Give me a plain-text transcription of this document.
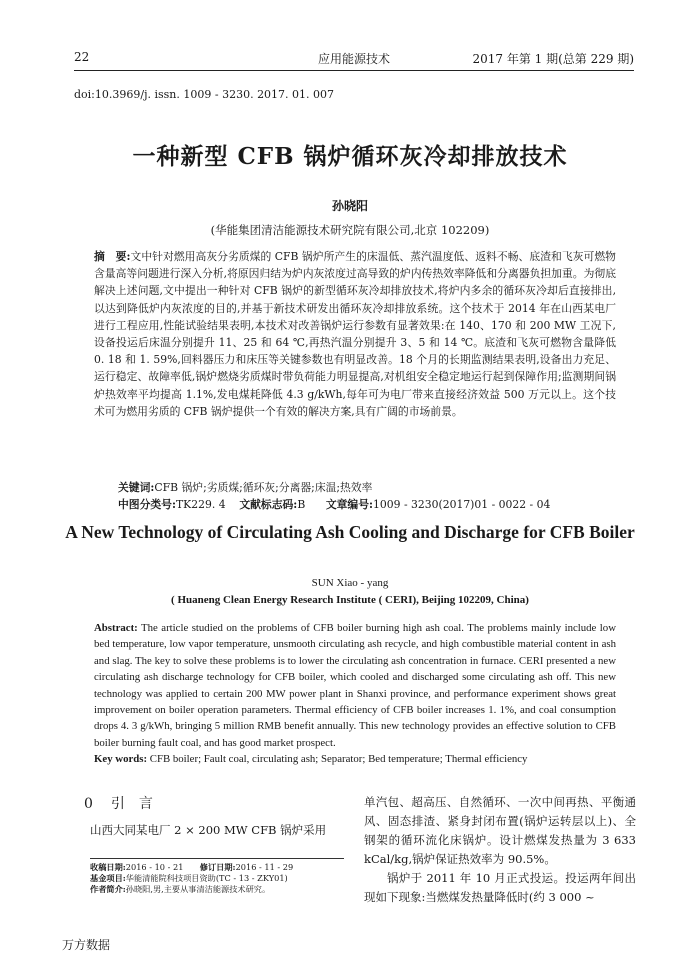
22	应用能源技术	2017 年第 1 期(总第 229 期)
doi:10.3969/j. issn. 1009 - 3230. 2017. 01. 007
一种新型 CFB 锅炉循环灰冷却排放技术
孙晓阳
(华能集团清洁能源技术研究院有限公司,北京 102209)
摘　要:文中针对燃用高灰分劣质煤的 CFB 锅炉所产生的床温低、蒸汽温度低、返料不畅、底渣和飞灰可燃物含量高等问题进行深入分析,将原因归结为炉内灰浓度过高导致的炉内传热效率降低和分离器负担加重。为彻底解决上述问题,文中提出一种针对 CFB 锅炉的新型循环灰冷却排放技术,将炉内多余的循环灰冷却后直接排出,以达到降低炉内灰浓度的目的,并基于新技术研发出循环灰冷却排放系统。这个技术于 2014 年在山西某电厂进行工程应用,性能试验结果表明,本技术对改善锅炉运行参数有显著效果:在 140、170 和 200 MW 工况下,设备投运后床温分别提升 11、25 和 64 ℃,再热汽温分别提升 3、5 和 14 ℃。底渣和飞灰可燃物含量降低 0. 18 和 1. 59%,回料器压力和床压等关键参数也有明显改善。18 个月的长期监测结果表明,设备出力充足、运行稳定、故障率低,锅炉燃烧劣质煤时带负荷能力明显提高,对机组安全稳定地运行起到保障作用;监测期间锅炉热效率平均提高 1.1%,发电煤耗降低 4.3 g/kWh,每年可为电厂带来直接经济效益 500 万元以上。这个技术可为燃用劣质的 CFB 锅炉提供一个有效的解决方案,具有广阔的市场前景。
关键词:CFB 锅炉;劣质煤;循环灰;分离器;床温;热效率
中图分类号:TK229. 4 文献标志码:B 文章编号:1009 - 3230(2017)01 - 0022 - 04
A New Technology of Circulating Ash Cooling and Discharge for CFB Boiler
SUN Xiao - yang
( Huaneng Clean Energy Research Institute ( CERI), Beijing 102209, China)
Abstract: The article studied on the problems of CFB boiler burning high ash coal. The problems mainly include low bed temperature, low vapor temperature, unsmooth circulating ash recycle, and high combustible material content in ash and slag. The key to solve these problems is to lower the circulating ash concentration in furnace. CERI presented a new circulating ash discharge technology for CFB boiler, which cooled and discharged some circulating ash off. This new technology was applied to certain 200 MW power plant in Shanxi province, and performance experiment shows great improvement on boiler operation parameters. Thermal efficiency of CFB boiler increases 1. 1%, and coal consumption drops 4. 3 g/kWh, bringing 5 million RMB benefit annually. This new technology provides an effective solution to CFB boiler burning fault coal, and has good market prospect.
Key words: CFB boiler; Fault coal, circulating ash; Separator; Bed temperature; Thermal efficiency
0 引言
山西大同某电厂 2 × 200 MW CFB 锅炉采用
收稿日期:2016 - 10 - 21　　 修订日期:2016 - 11 - 29
基金项目:华能清能院科技项目资助(TC - 13 - ZKY01)
作者简介:孙晓阳,男,主要从事清洁能源技术研究。

单汽包、超高压、自然循环、一次中间再热、平衡通风、固态排渣、紧身封闭布置(锅炉运转层以上)、全钢架的循环流化床锅炉。设计燃煤发热量为 3 633 kCal/kg,锅炉保证热效率为 90.5%。

锅炉于 2011 年 10 月正式投运。投运两年间出现如下现象:当燃煤发热量降低时(约 3 000 ~

万方数据
